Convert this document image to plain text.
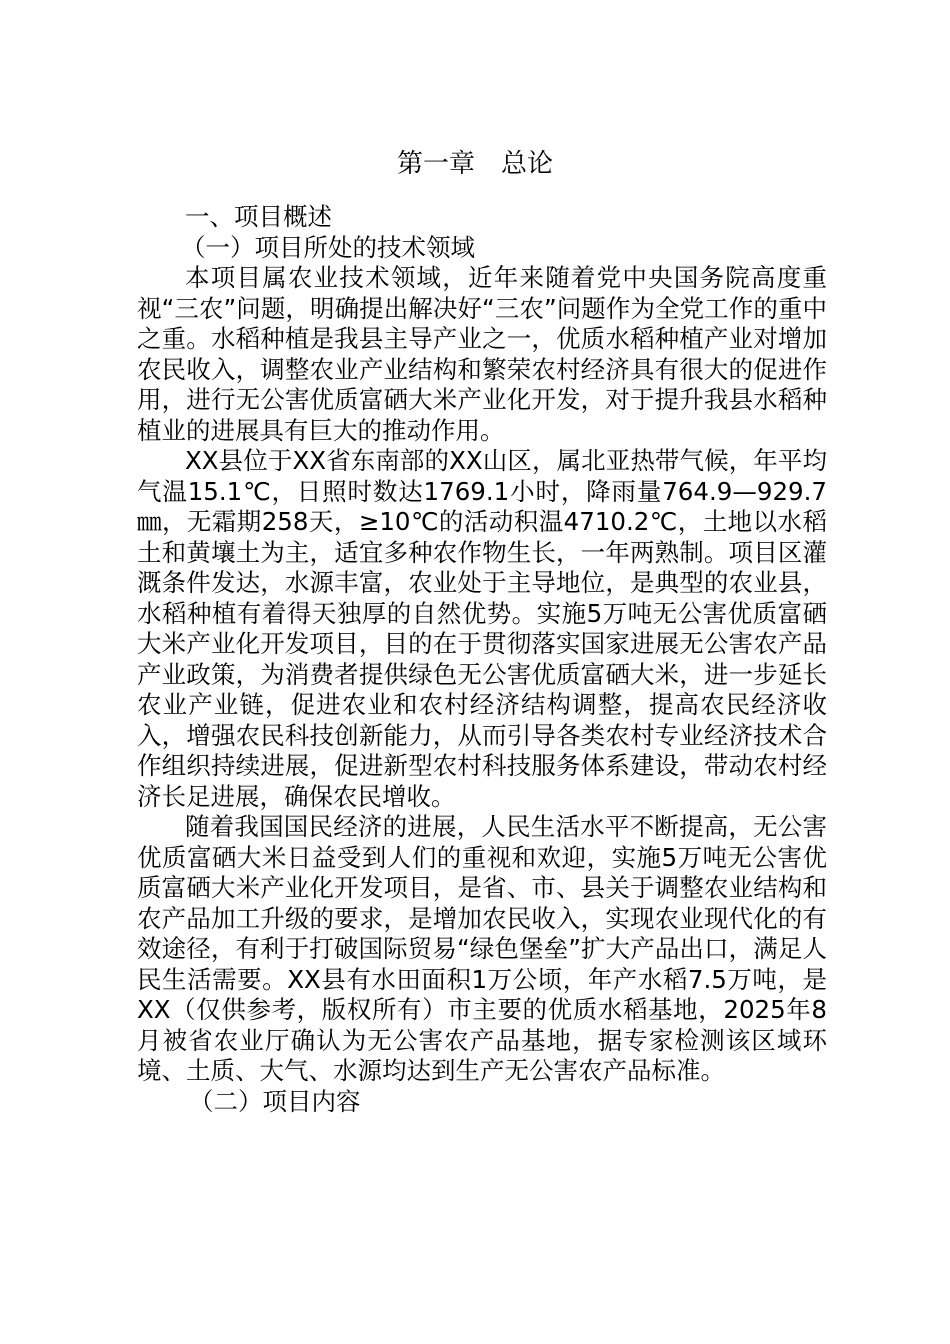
第一章　总论

一、项目概述

（一）项目所处的技术领域

本项目属农业技术领域，近年来随着党中央国务院高度重视“三农”问题，明确提出解决好“三农”问题作为全党工作的重中之重。水稻种植是我县主导产业之一，优质水稻种植产业对增加农民收入，调整农业产业结构和繁荣农村经济具有很大的促进作用，进行无公害优质富硒大米产业化开发，对于提升我县水稻种植业的进展具有巨大的推动作用。

XX县位于XX省东南部的XX山区，属北亚热带气候，年平均气温15.1℃，日照时数达1769.1小时，降雨量764.9—929.7㎜，无霜期258天，≥10℃的活动积温4710.2℃，土地以水稻土和黄壤土为主，适宜多种农作物生长，一年两熟制。项目区灌溉条件发达，水源丰富，农业处于主导地位，是典型的农业县，水稻种植有着得天独厚的自然优势。实施5万吨无公害优质富硒大米产业化开发项目，目的在于贯彻落实国家进展无公害农产品产业政策，为消费者提供绿色无公害优质富硒大米，进一步延长农业产业链，促进农业和农村经济结构调整，提高农民经济收入，增强农民科技创新能力，从而引导各类农村专业经济技术合作组织持续进展，促进新型农村科技服务体系建设，带动农村经济长足进展，确保农民增收。

随着我国国民经济的进展，人民生活水平不断提高，无公害优质富硒大米日益受到人们的重视和欢迎，实施5万吨无公害优质富硒大米产业化开发项目，是省、市、县关于调整农业结构和农产品加工升级的要求，是增加农民收入，实现农业现代化的有效途径，有利于打破国际贸易“绿色堡垒”扩大产品出口，满足人民生活需要。XX县有水田面积1万公顷，年产水稻7.5万吨，是XX（仅供参考，版权所有）市主要的优质水稻基地，2025年8月被省农业厅确认为无公害农产品基地，据专家检测该区域环境、土质、大气、水源均达到生产无公害农产品标准。

（二）项目内容
